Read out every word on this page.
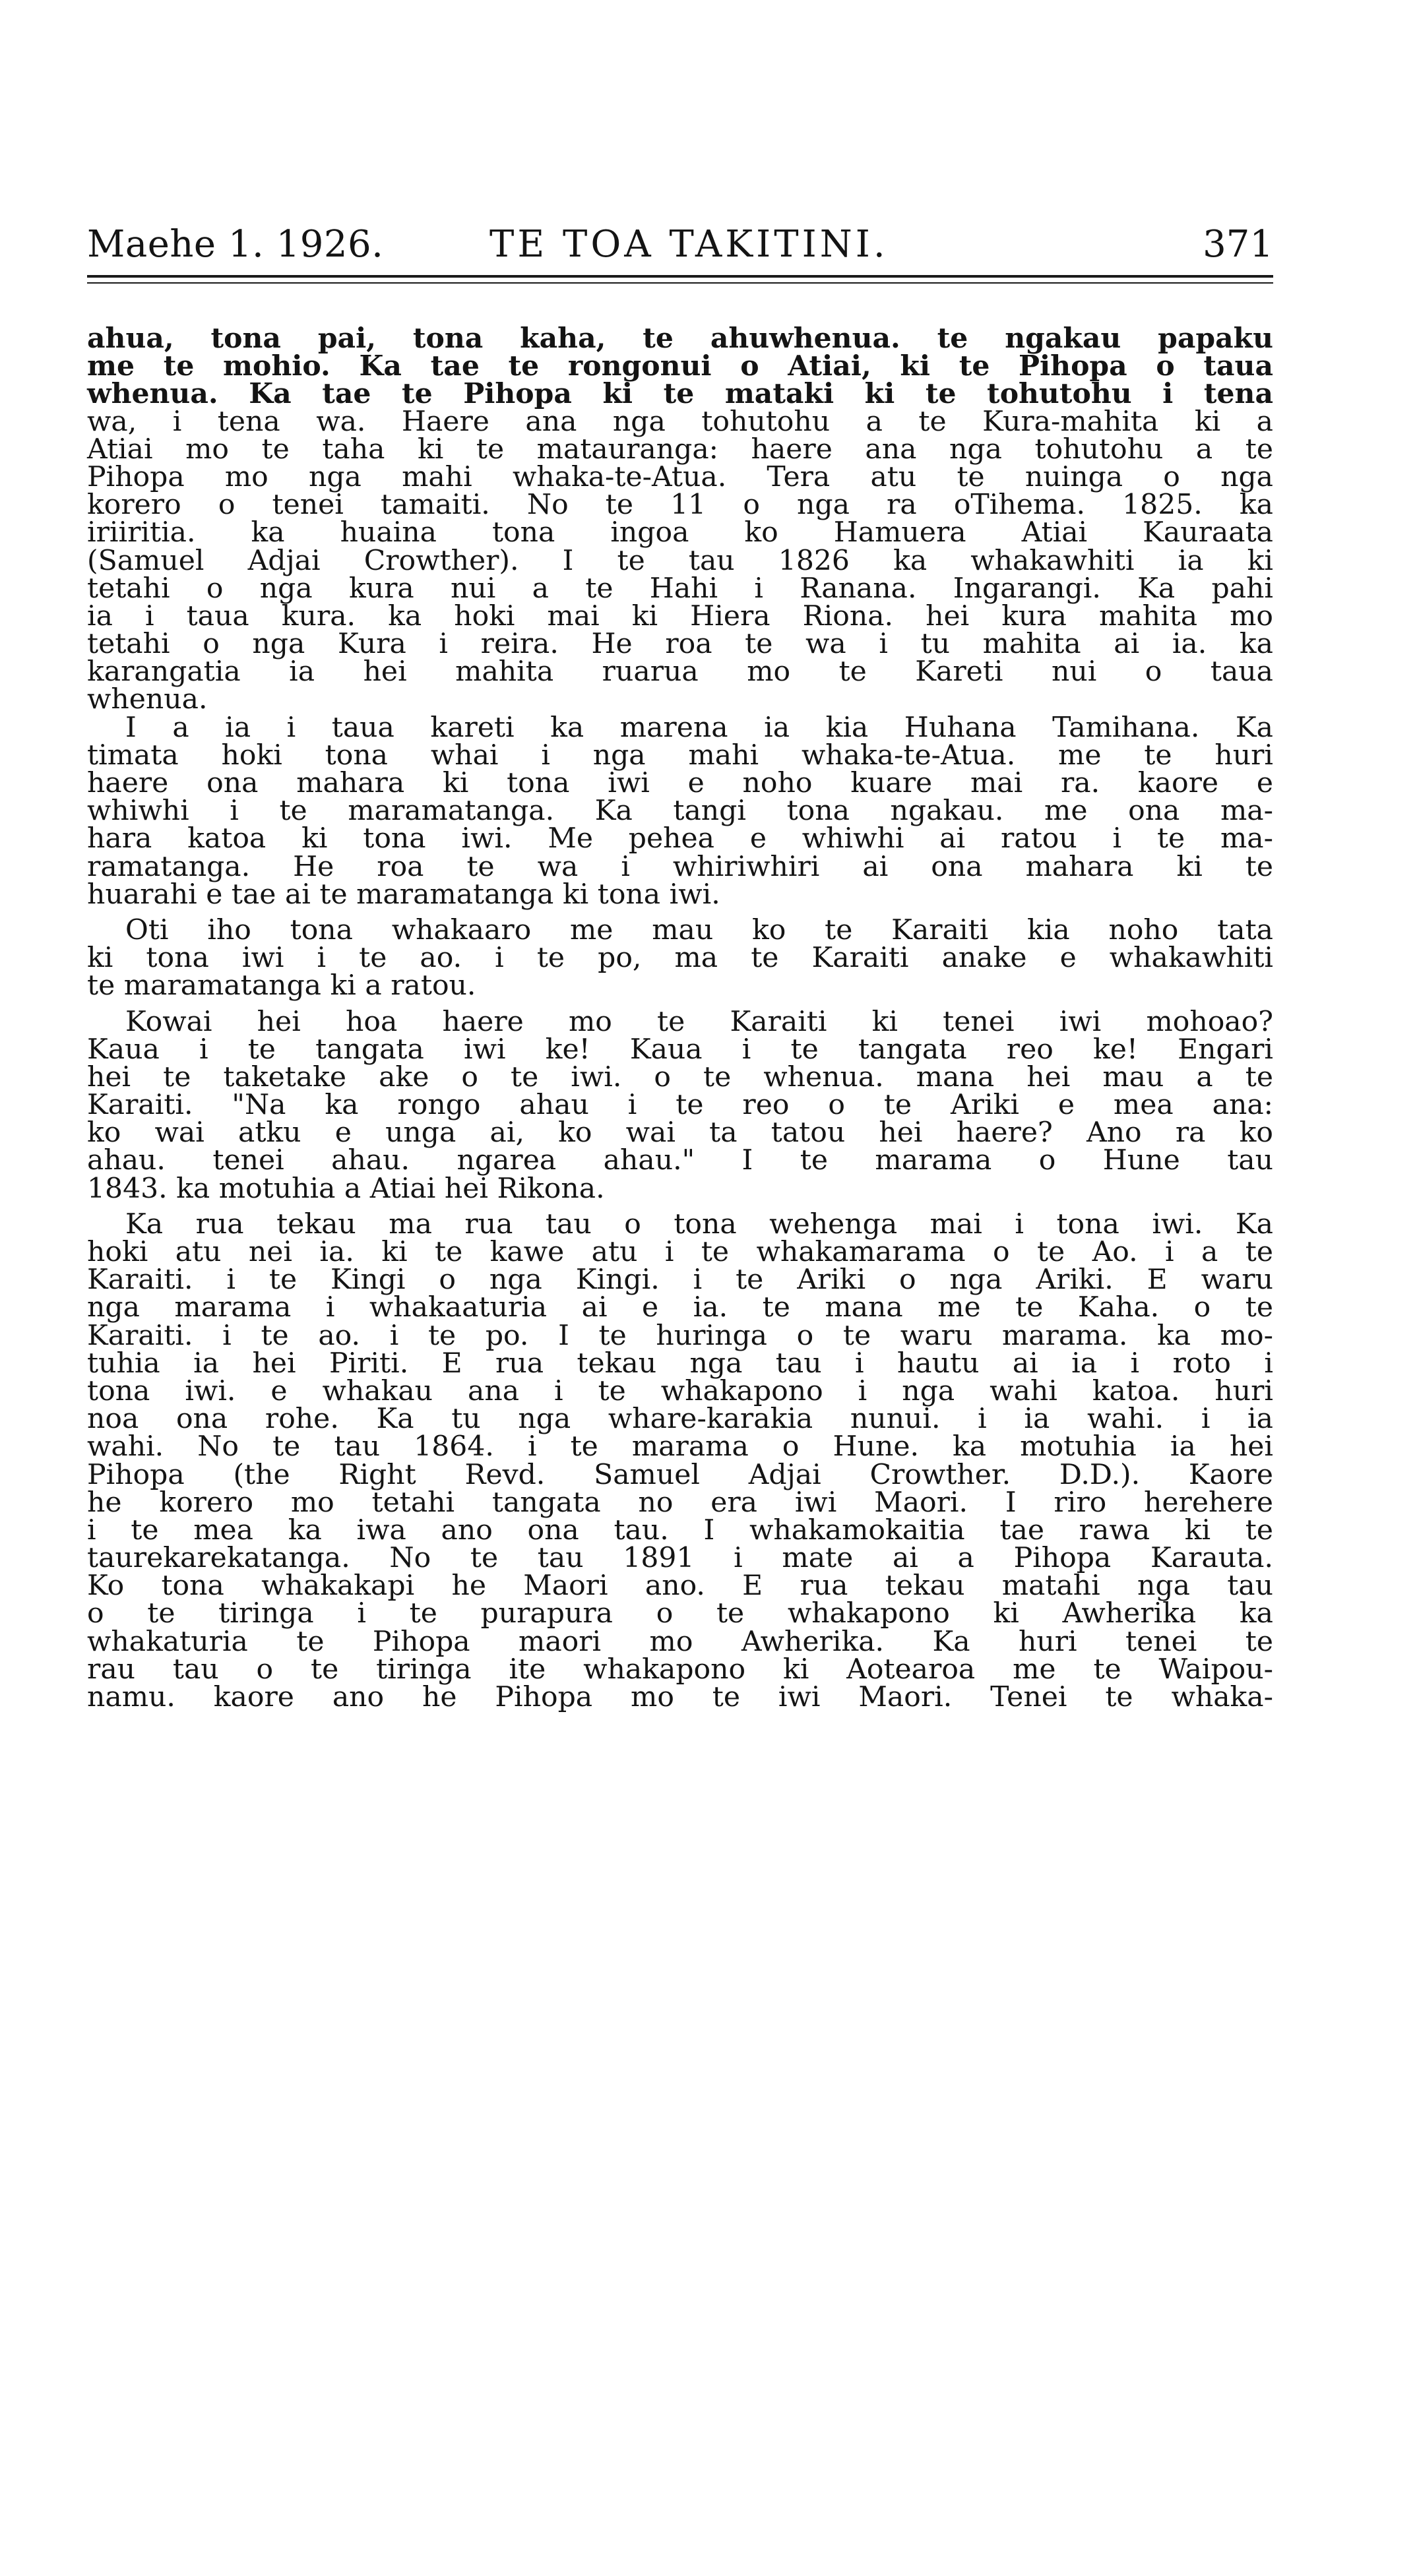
Maehe 1. 1926.	TE TOA TAKITINI.	371
ahua, tona pai, tona kaha, te ahuwhenua. te ngakau papaku
me te mohio. Ka tae te rongonui o Atiai, ki te Pihopa o taua
whenua. Ka tae te Pihopa ki te mataki ki te tohutohu i tena
wa, i tena wa. Haere ana nga tohutohu a te Kura-mahita ki a
Atiai mo te taha ki te matauranga: haere ana nga tohutohu a te
Pihopa mo nga mahi whaka-te-Atua. Tera atu te nuinga o nga
korero o tenei tamaiti. No te 11 o nga ra oTihema. 1825. ka
iriiritia. ka huaina tona ingoa ko Hamuera Atiai Kauraata
(Samuel Adjai Crowther). I te tau 1826 ka whakawhiti ia ki
tetahi o nga kura nui a te Hahi i Ranana. Ingarangi. Ka pahi
ia i taua kura. ka hoki mai ki Hiera Riona. hei kura mahita mo
tetahi o nga Kura i reira. He roa te wa i tu mahita ai ia. ka
karangatia ia hei mahita ruarua mo te Kareti nui o taua
whenua.
I a ia i taua kareti ka marena ia kia Huhana Tamihana. Ka
timata hoki tona whai i nga mahi whaka-te-Atua. me te huri
haere ona mahara ki tona iwi e noho kuare mai ra. kaore e
whiwhi i te maramatanga. Ka tangi tona ngakau. me ona ma-
hara katoa ki tona iwi. Me pehea e whiwhi ai ratou i te ma-
ramatanga. He roa te wa i whiriwhiri ai ona mahara ki te
huarahi e tae ai te maramatanga ki tona iwi.
Oti iho tona whakaaro me mau ko te Karaiti kia noho tata
ki tona iwi i te ao. i te po, ma te Karaiti anake e whakawhiti
te maramatanga ki a ratou.
Kowai hei hoa haere mo te Karaiti ki tenei iwi mohoao?
Kaua i te tangata iwi ke! Kaua i te tangata reo ke! Engari
hei te taketake ake o te iwi. o te whenua. mana hei mau a te
Karaiti. "Na ka rongo ahau i te reo o te Ariki e mea ana:
ko wai atku e unga ai, ko wai ta tatou hei haere? Ano ra ko
ahau. tenei ahau. ngarea ahau." I te marama o Hune tau
1843. ka motuhia a Atiai hei Rikona.
Ka rua tekau ma rua tau o tona wehenga mai i tona iwi. Ka
hoki atu nei ia. ki te kawe atu i te whakamarama o te Ao. i a te
Karaiti. i te Kingi o nga Kingi. i te Ariki o nga Ariki. E waru
nga marama i whakaaturia ai e ia. te mana me te Kaha. o te
Karaiti. i te ao. i te po. I te huringa o te waru marama. ka mo-
tuhia ia hei Piriti. E rua tekau nga tau i hautu ai ia i roto i
tona iwi. e whakau ana i te whakapono i nga wahi katoa. huri
noa ona rohe. Ka tu nga whare-karakia nunui. i ia wahi. i ia
wahi. No te tau 1864. i te marama o Hune. ka motuhia ia hei
Pihopa (the Right Revd. Samuel Adjai Crowther. D.D.). Kaore
he korero mo tetahi tangata no era iwi Maori. I riro herehere
i te mea ka iwa ano ona tau. I whakamokaitia tae rawa ki te
taurekarekatanga. No te tau 1891 i mate ai a Pihopa Karauta.
Ko tona whakakapi he Maori ano. E rua tekau matahi nga tau
o te tiringa i te purapura o te whakapono ki Awherika ka
whakaturia te Pihopa maori mo Awherika. Ka huri tenei te
rau tau o te tiringa ite whakapono ki Aotearoa me te Waipou-
namu. kaore ano he Pihopa mo te iwi Maori. Tenei te whaka-
